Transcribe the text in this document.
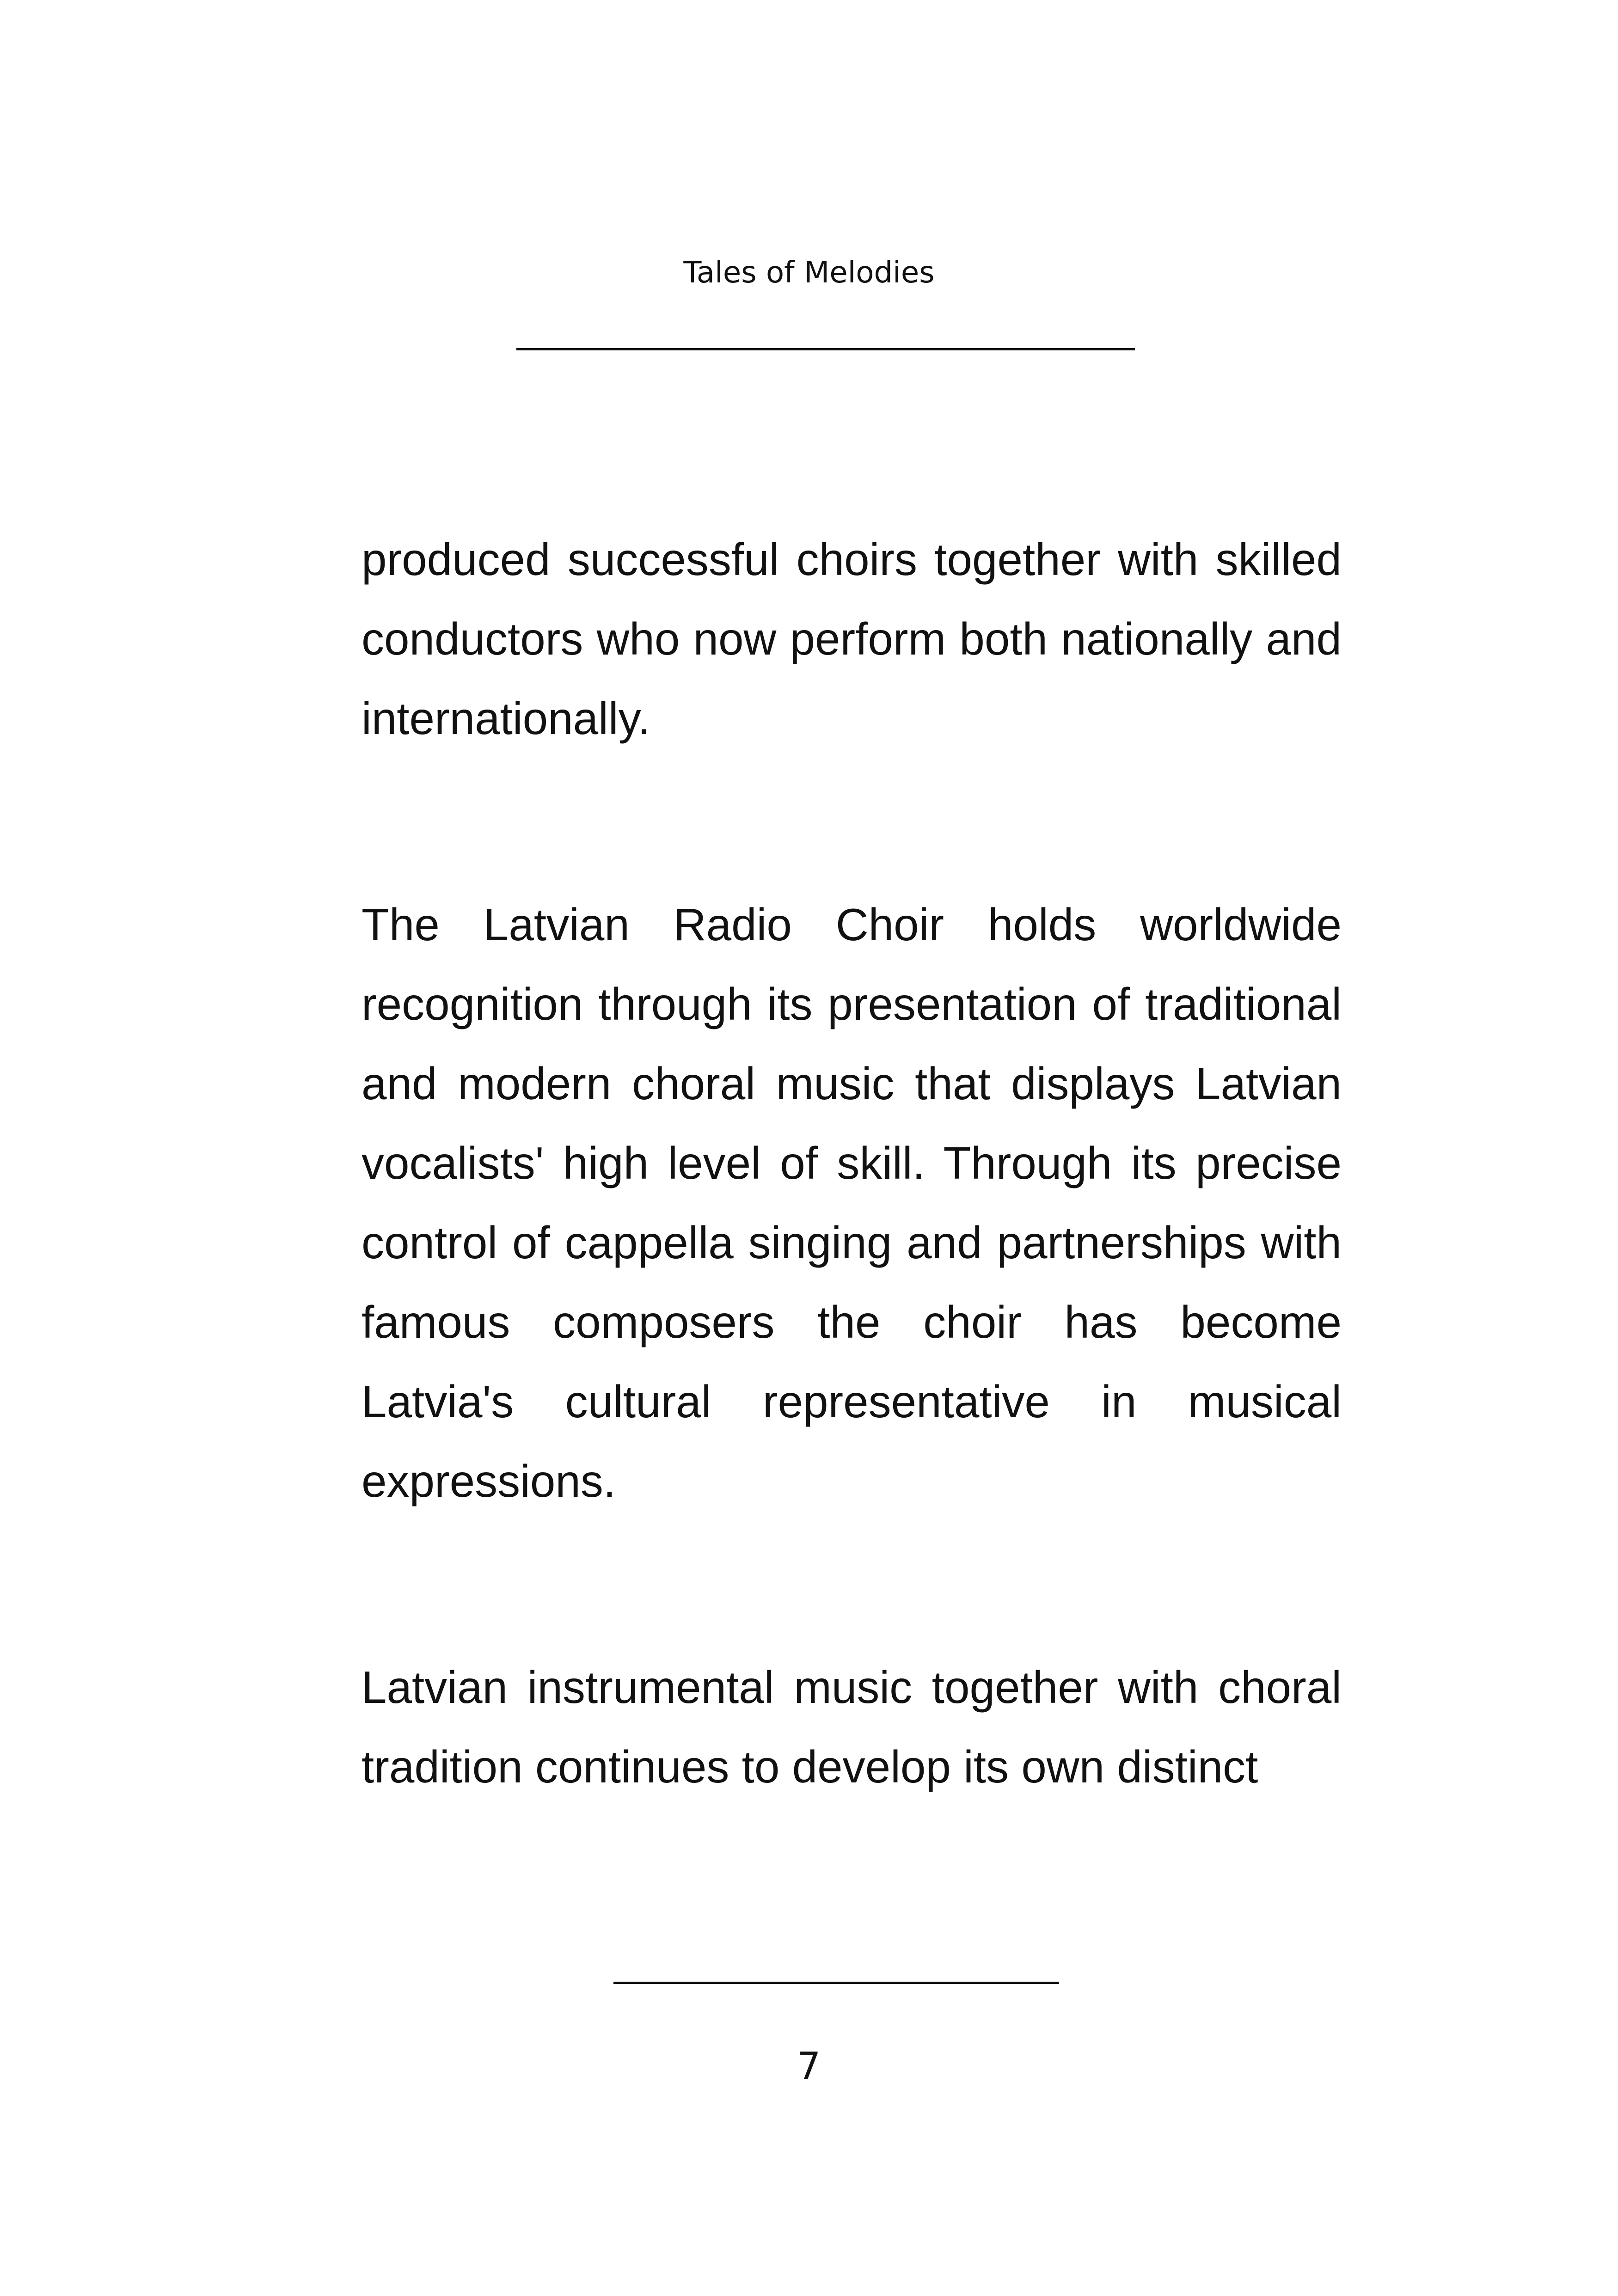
Tales of Melodies

produced successful choirs together with skilled conductors who now perform both nationally and internationally.

The Latvian Radio Choir holds worldwide recognition through its presentation of traditional and modern choral music that displays Latvian vocalists' high level of skill. Through its precise control of cappella singing and partnerships with famous composers the choir has become Latvia's cultural representative in musical expressions.

Latvian instrumental music together with choral tradition continues to develop its own distinct

7
